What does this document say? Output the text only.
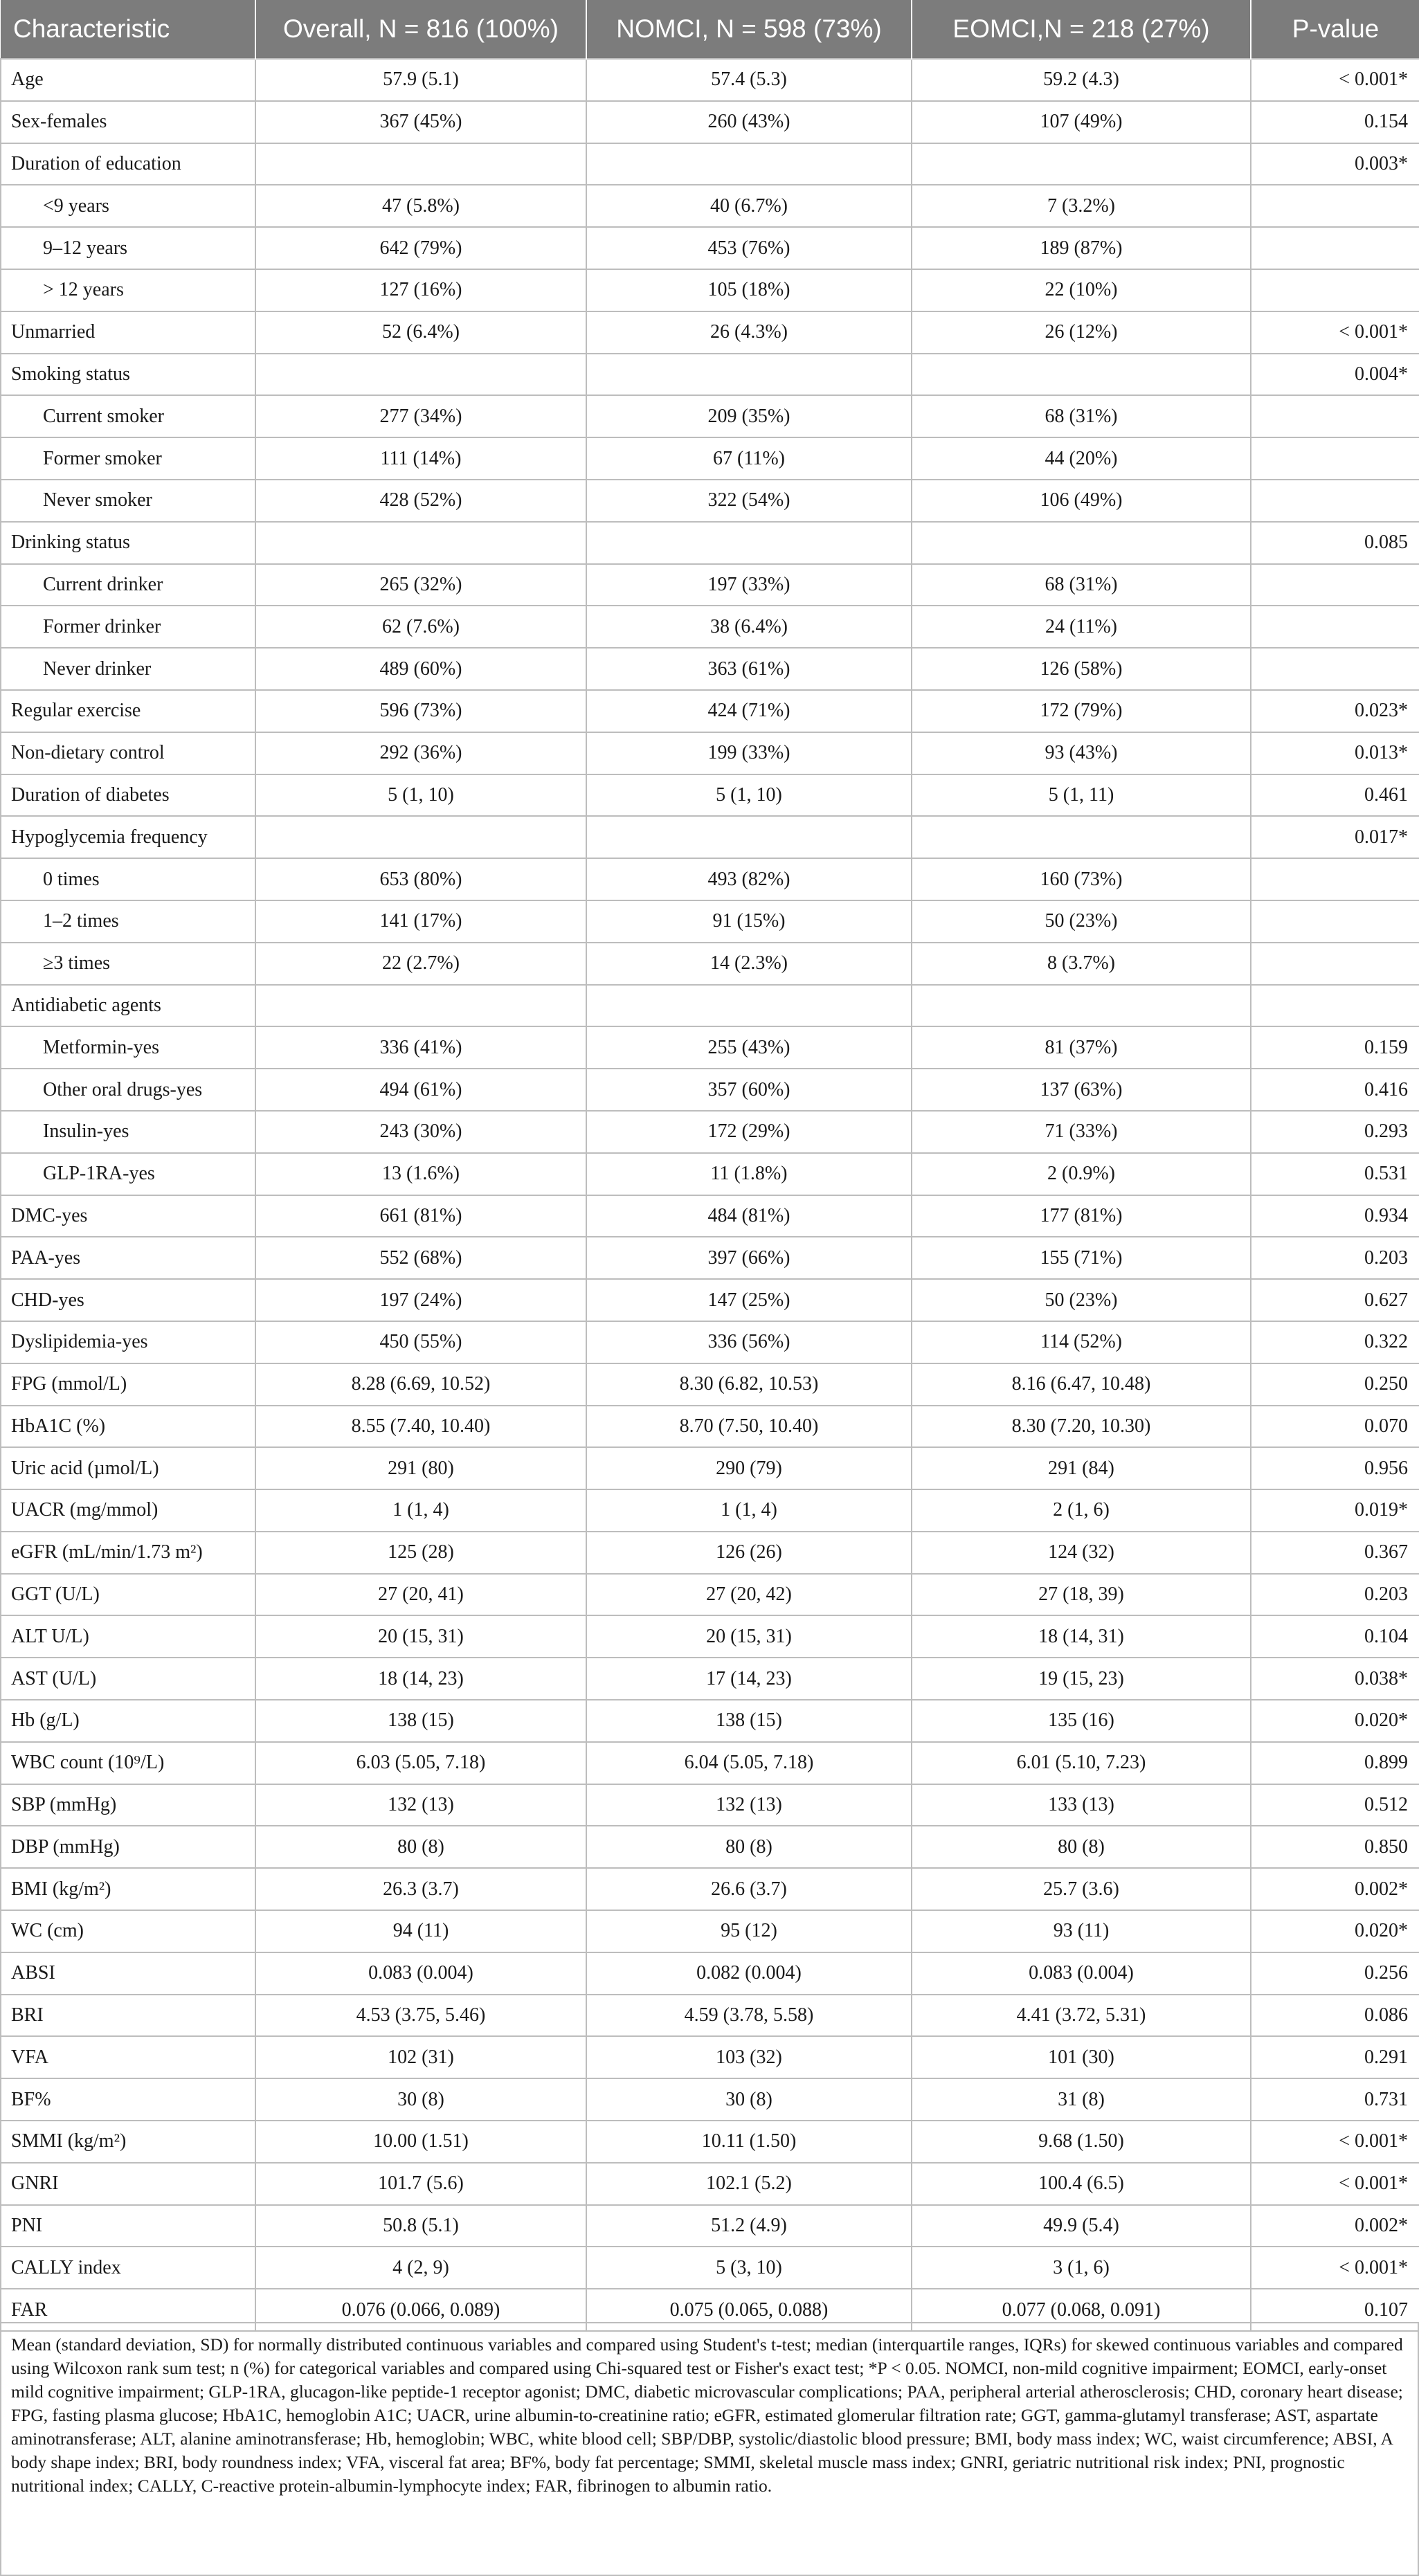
Characteristic	Overall, N = 816 (100%)	NOMCI, N = 598 (73%)	EOMCI,N = 218 (27%)	P-value
Age	57.9 (5.1)	57.4 (5.3)	59.2 (4.3)	< 0.001*
Sex-females	367 (45%)	260 (43%)	107 (49%)	0.154
Duration of education				0.003*
<9 years	47 (5.8%)	40 (6.7%)	7 (3.2%)	
9–12 years	642 (79%)	453 (76%)	189 (87%)	
> 12 years	127 (16%)	105 (18%)	22 (10%)	
Unmarried	52 (6.4%)	26 (4.3%)	26 (12%)	< 0.001*
Smoking status				0.004*
Current smoker	277 (34%)	209 (35%)	68 (31%)	
Former smoker	111 (14%)	67 (11%)	44 (20%)	
Never smoker	428 (52%)	322 (54%)	106 (49%)	
Drinking status				0.085
Current drinker	265 (32%)	197 (33%)	68 (31%)	
Former drinker	62 (7.6%)	38 (6.4%)	24 (11%)	
Never drinker	489 (60%)	363 (61%)	126 (58%)	
Regular exercise	596 (73%)	424 (71%)	172 (79%)	0.023*
Non-dietary control	292 (36%)	199 (33%)	93 (43%)	0.013*
Duration of diabetes	5 (1, 10)	5 (1, 10)	5 (1, 11)	0.461
Hypoglycemia frequency				0.017*
0 times	653 (80%)	493 (82%)	160 (73%)	
1–2 times	141 (17%)	91 (15%)	50 (23%)	
≥3 times	22 (2.7%)	14 (2.3%)	8 (3.7%)	
Antidiabetic agents				
Metformin-yes	336 (41%)	255 (43%)	81 (37%)	0.159
Other oral drugs-yes	494 (61%)	357 (60%)	137 (63%)	0.416
Insulin-yes	243 (30%)	172 (29%)	71 (33%)	0.293
GLP-1RA-yes	13 (1.6%)	11 (1.8%)	2 (0.9%)	0.531
DMC-yes	661 (81%)	484 (81%)	177 (81%)	0.934
PAA-yes	552 (68%)	397 (66%)	155 (71%)	0.203
CHD-yes	197 (24%)	147 (25%)	50 (23%)	0.627
Dyslipidemia-yes	450 (55%)	336 (56%)	114 (52%)	0.322
FPG (mmol/L)	8.28 (6.69, 10.52)	8.30 (6.82, 10.53)	8.16 (6.47, 10.48)	0.250
HbA1C (%)	8.55 (7.40, 10.40)	8.70 (7.50, 10.40)	8.30 (7.20, 10.30)	0.070
Uric acid (µmol/L)	291 (80)	290 (79)	291 (84)	0.956
UACR (mg/mmol)	1 (1, 4)	1 (1, 4)	2 (1, 6)	0.019*
eGFR (mL/min/1.73 m²)	125 (28)	126 (26)	124 (32)	0.367
GGT (U/L)	27 (20, 41)	27 (20, 42)	27 (18, 39)	0.203
ALT U/L)	20 (15, 31)	20 (15, 31)	18 (14, 31)	0.104
AST (U/L)	18 (14, 23)	17 (14, 23)	19 (15, 23)	0.038*
Hb (g/L)	138 (15)	138 (15)	135 (16)	0.020*
WBC count (10⁹/L)	6.03 (5.05, 7.18)	6.04 (5.05, 7.18)	6.01 (5.10, 7.23)	0.899
SBP (mmHg)	132 (13)	132 (13)	133 (13)	0.512
DBP (mmHg)	80 (8)	80 (8)	80 (8)	0.850
BMI (kg/m²)	26.3 (3.7)	26.6 (3.7)	25.7 (3.6)	0.002*
WC (cm)	94 (11)	95 (12)	93 (11)	0.020*
ABSI	0.083 (0.004)	0.082 (0.004)	0.083 (0.004)	0.256
BRI	4.53 (3.75, 5.46)	4.59 (3.78, 5.58)	4.41 (3.72, 5.31)	0.086
VFA	102 (31)	103 (32)	101 (30)	0.291
BF%	30 (8)	30 (8)	31 (8)	0.731
SMMI (kg/m²)	10.00 (1.51)	10.11 (1.50)	9.68 (1.50)	< 0.001*
GNRI	101.7 (5.6)	102.1 (5.2)	100.4 (6.5)	< 0.001*
PNI	50.8 (5.1)	51.2 (4.9)	49.9 (5.4)	0.002*
CALLY index	4 (2, 9)	5 (3, 10)	3 (1, 6)	< 0.001*
FAR	0.076 (0.066, 0.089)	0.075 (0.065, 0.088)	0.077 (0.068, 0.091)	0.107

Mean (standard deviation, SD) for normally distributed continuous variables and compared using Student's t-test; median (interquartile ranges, IQRs) for skewed continuous variables and compared using Wilcoxon rank sum test; n (%) for categorical variables and compared using Chi-squared test or Fisher's exact test; *P < 0.05. NOMCI, non-mild cognitive impairment; EOMCI, early-onset mild cognitive impairment; GLP-1RA, glucagon-like peptide-1 receptor agonist; DMC, diabetic microvascular complications; PAA, peripheral arterial atherosclerosis; CHD, coronary heart disease; FPG, fasting plasma glucose; HbA1C, hemoglobin A1C; UACR, urine albumin-to-creatinine ratio; eGFR, estimated glomerular filtration rate; GGT, gamma-glutamyl transferase; AST, aspartate aminotransferase; ALT, alanine aminotransferase; Hb, hemoglobin; WBC, white blood cell; SBP/DBP, systolic/diastolic blood pressure; BMI, body mass index; WC, waist circumference; ABSI, A body shape index; BRI, body roundness index; VFA, visceral fat area; BF%, body fat percentage; SMMI, skeletal muscle mass index; GNRI, geriatric nutritional risk index; PNI, prognostic nutritional index; CALLY, C-reactive protein-albumin-lymphocyte index; FAR, fibrinogen to albumin ratio.
